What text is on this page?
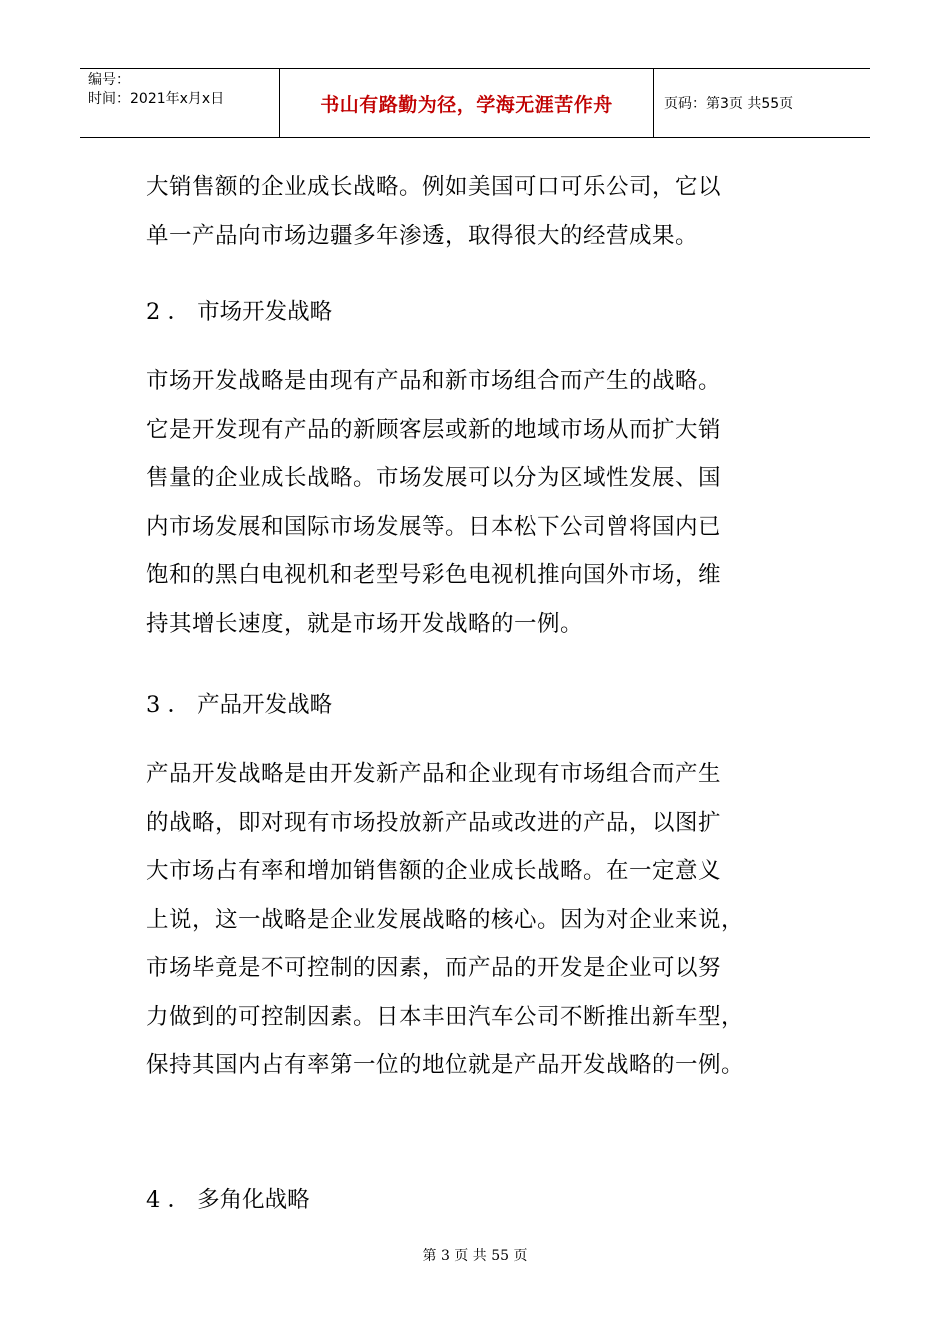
编号：
时间：2021年x月x日	书山有路勤为径，学海无涯苦作舟	页码：第3页 共55页

大销售额的企业成长战略。例如美国可口可乐公司，它以
单一产品向市场边疆多年渗透，取得很大的经营成果。

2 ． 市场开发战略

市场开发战略是由现有产品和新市场组合而产生的战略。
它是开发现有产品的新顾客层或新的地域市场从而扩大销
售量的企业成长战略。市场发展可以分为区域性发展、国
内市场发展和国际市场发展等。日本松下公司曾将国内已
饱和的黑白电视机和老型号彩色电视机推向国外市场，维
持其增长速度，就是市场开发战略的一例。

3 ． 产品开发战略

产品开发战略是由开发新产品和企业现有市场组合而产生
的战略，即对现有市场投放新产品或改进的产品，以图扩
大市场占有率和增加销售额的企业成长战略。在一定意义
上说，这一战略是企业发展战略的核心。因为对企业来说，
市场毕竟是不可控制的因素，而产品的开发是企业可以努
力做到的可控制因素。日本丰田汽车公司不断推出新车型，
保持其国内占有率第一位的地位就是产品开发战略的一例。

4 ． 多角化战略

第 3 页 共 55 页
